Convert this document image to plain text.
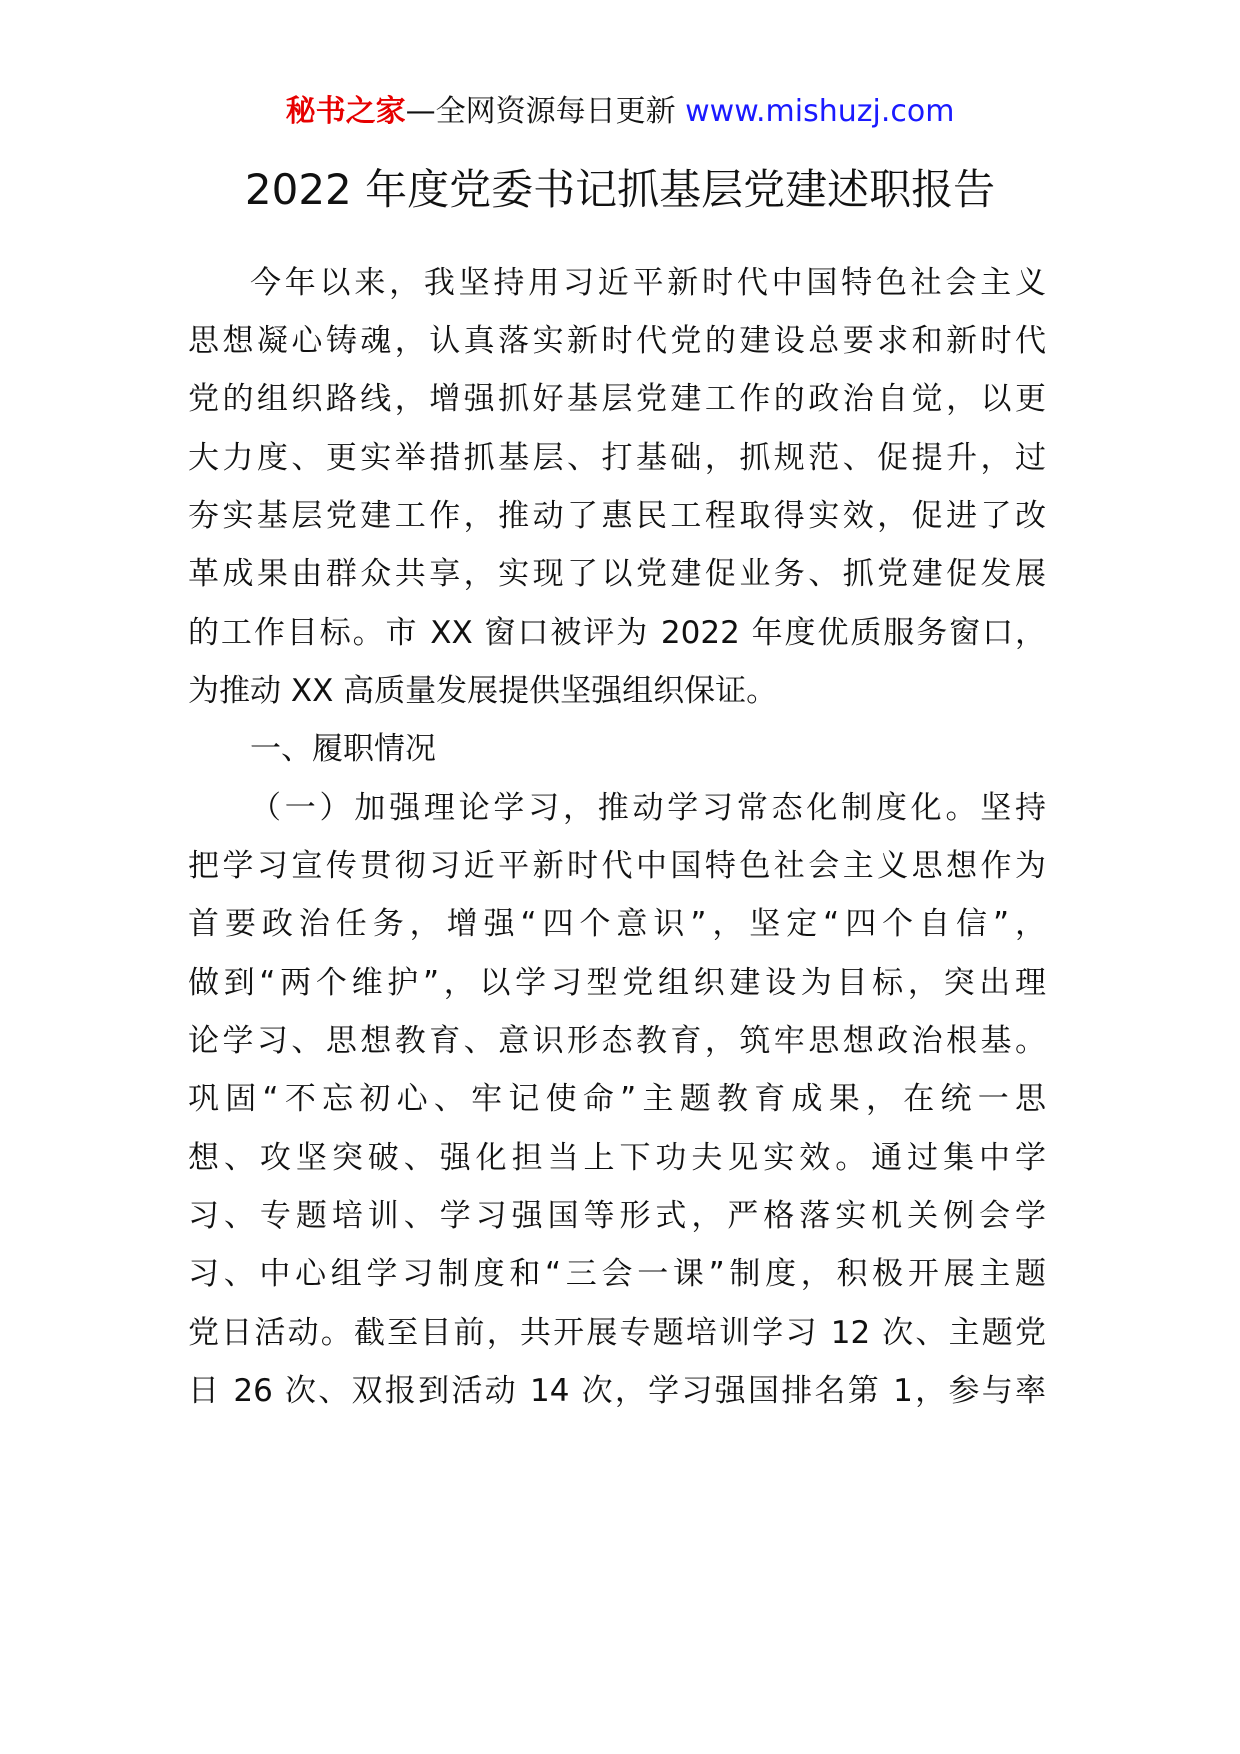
秘书之家—全网资源每日更新 www.mishuzj.com
2022 年度党委书记抓基层党建述职报告
今年以来，我坚持用习近平新时代中国特色社会主义
思想凝心铸魂，认真落实新时代党的建设总要求和新时代
党的组织路线，增强抓好基层党建工作的政治自觉，以更
大力度、更实举措抓基层、打基础，抓规范、促提升，过
夯实基层党建工作，推动了惠民工程取得实效，促进了改
革成果由群众共享，实现了以党建促业务、抓党建促发展
的工作目标。市 XX 窗口被评为 2022 年度优质服务窗口，
为推动 XX 高质量发展提供坚强组织保证。
一、履职情况
（一）加强理论学习，推动学习常态化制度化。坚持
把学习宣传贯彻习近平新时代中国特色社会主义思想作为
首要政治任务，增强“四个意识”，坚定“四个自信”，
做到“两个维护”，以学习型党组织建设为目标，突出理
论学习、思想教育、意识形态教育，筑牢思想政治根基。
巩固“不忘初心、牢记使命”主题教育成果，在统一思
想、攻坚突破、强化担当上下功夫见实效。通过集中学
习、专题培训、学习强国等形式，严格落实机关例会学
习、中心组学习制度和“三会一课”制度，积极开展主题
党日活动。截至目前，共开展专题培训学习 12 次、主题党
日 26 次、双报到活动 14 次，学习强国排名第 1，参与率
